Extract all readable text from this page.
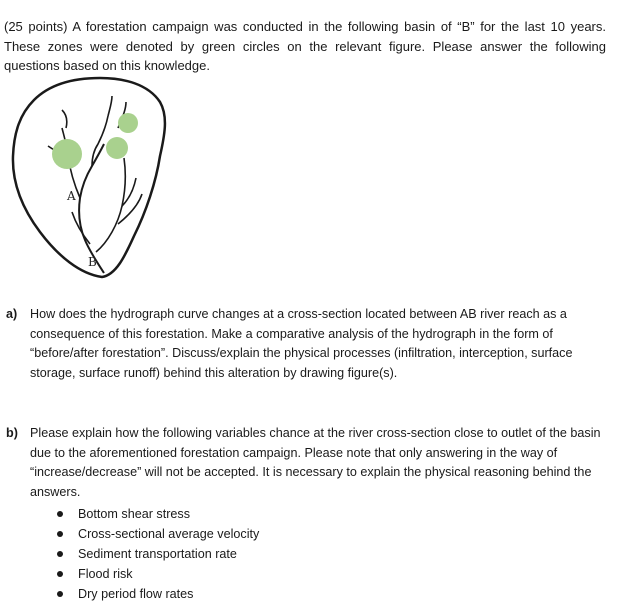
(25 points) A forestation campaign was conducted in the following basin of “B” for the last 10 years. These zones were denoted by green circles on the relevant figure. Please answer the following questions based on this knowledge.

A
B
a)	How does the hydrograph curve changes at a cross-section located between AB river reach as a consequence of this forestation. Make a comparative analysis of the hydrograph in the form of “before/after forestation”. Discuss/explain the physical processes (infiltration, interception, surface storage, surface runoff) behind this alteration by drawing figure(s).
b) Please explain how the following variables chance at the river cross-section close to outlet of the basin due to the aforementioned forestation campaign. Please note that only answering in the way of “increase/decrease” will not be accepted. It is necessary to explain the physical reasoning behind the answers.
Bottom shear stress
Cross-sectional average velocity
Sediment transportation rate
Flood risk
Dry period flow rates
